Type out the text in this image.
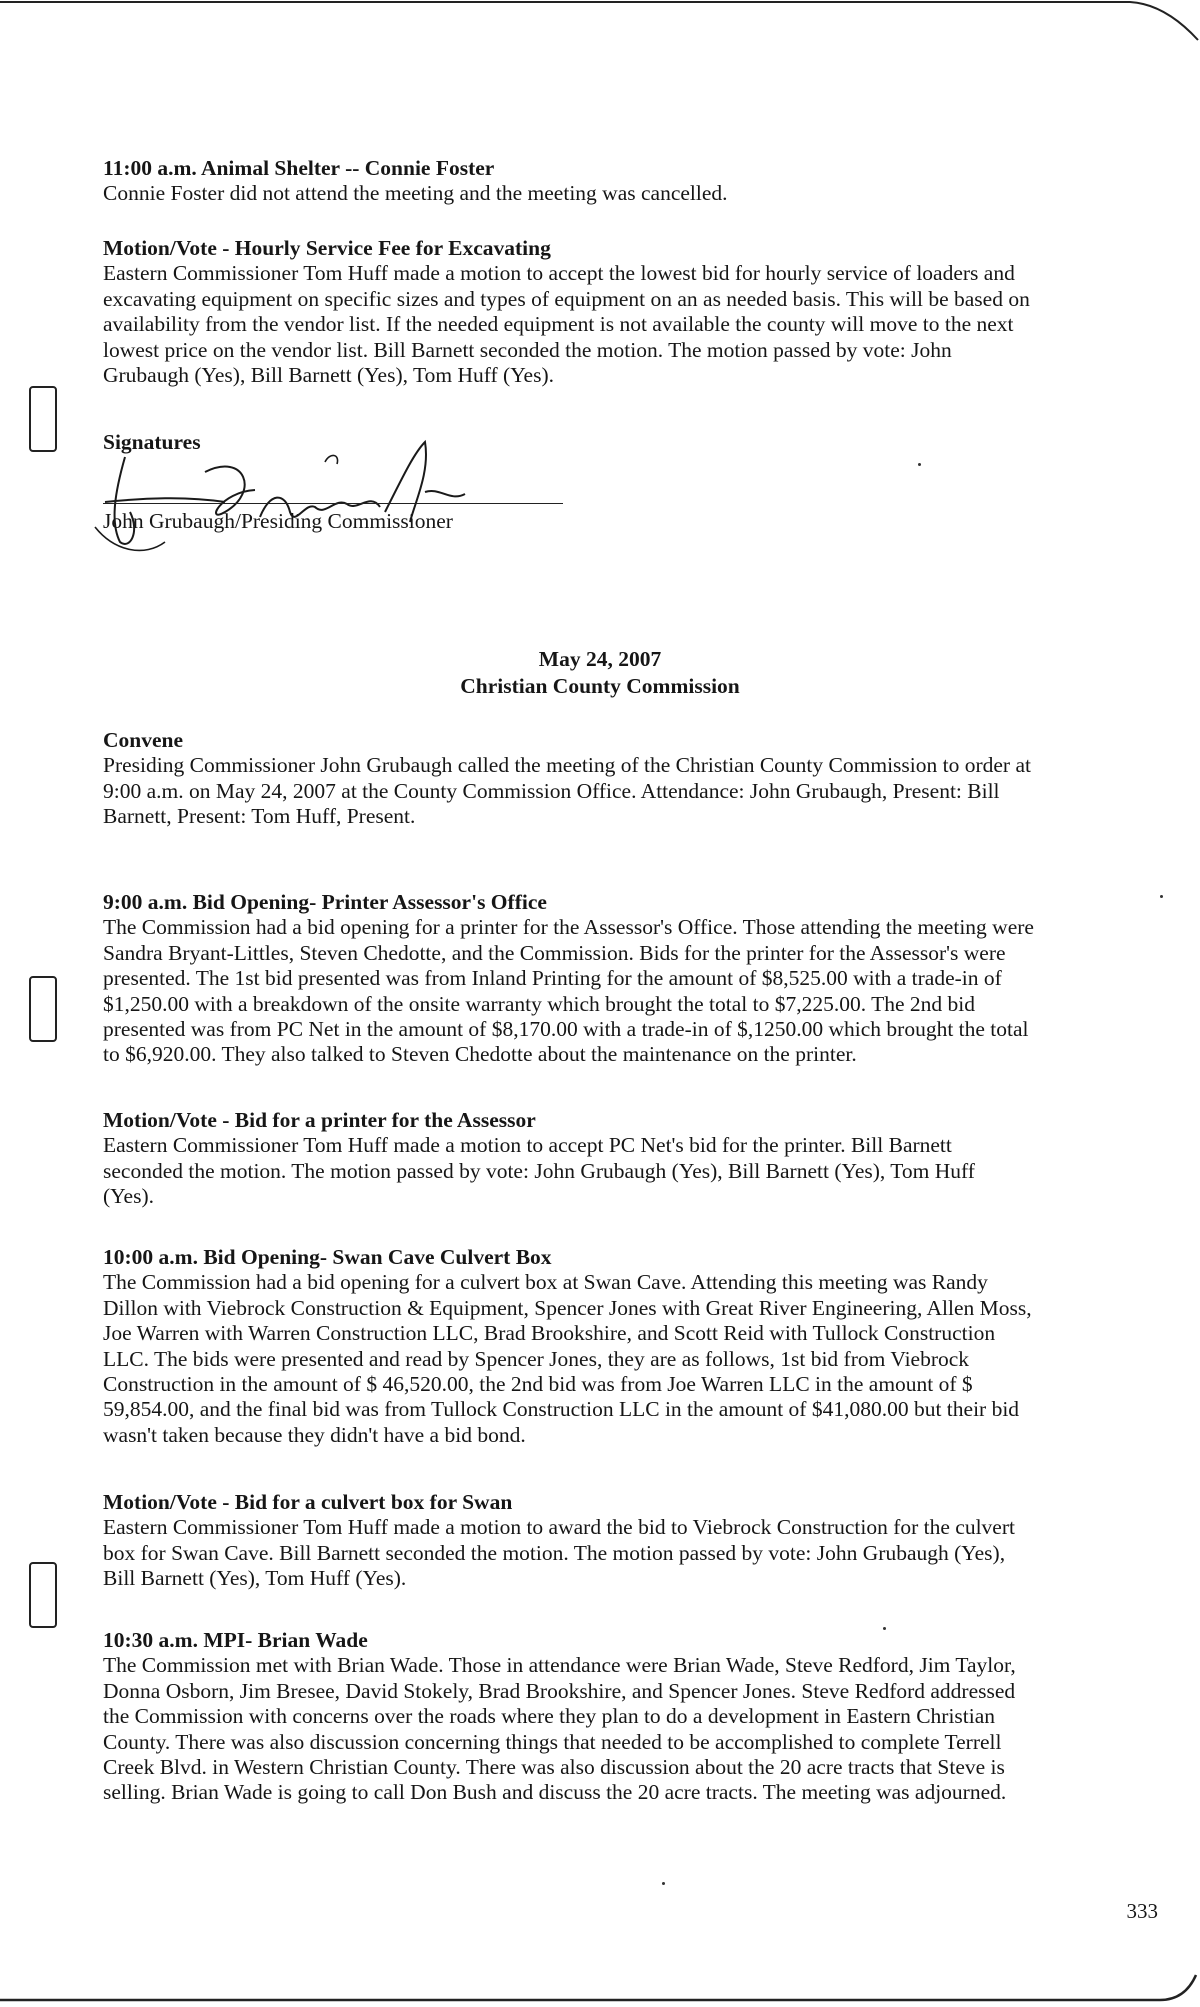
11:00 a.m. Animal Shelter -- Connie Foster

Connie Foster did not attend the meeting and the meeting was cancelled.

Motion/Vote - Hourly Service Fee for Excavating

Eastern Commissioner Tom Huff made a motion to accept the lowest bid for hourly service of loaders and

excavating equipment on specific sizes and types of equipment on an as needed basis. This will be based on

availability from the vendor list. If the needed equipment is not available the county will move to the next

lowest price on the vendor list. Bill Barnett seconded the motion. The motion passed by vote: John

Grubaugh (Yes), Bill Barnett (Yes), Tom Huff (Yes).

Signatures

John Grubaugh/Presiding Commissioner
May 24, 2007
Christian County Commission

Convene

Presiding Commissioner John Grubaugh called the meeting of the Christian County Commission to order at

9:00 a.m. on May 24, 2007 at the County Commission Office. Attendance: John Grubaugh, Present: Bill

Barnett, Present: Tom Huff, Present.

9:00 a.m. Bid Opening- Printer Assessor's Office

The Commission had a bid opening for a printer for the Assessor's Office. Those attending the meeting were

Sandra Bryant-Littles, Steven Chedotte, and the Commission. Bids for the printer for the Assessor's were

presented. The 1st bid presented was from Inland Printing for the amount of $8,525.00 with a trade-in of

$1,250.00 with a breakdown of the onsite warranty which brought the total to $7,225.00. The 2nd bid

presented was from PC Net in the amount of $8,170.00 with a trade-in of $,1250.00 which brought the total

to $6,920.00. They also talked to Steven Chedotte about the maintenance on the printer.

Motion/Vote - Bid for a printer for the Assessor

Eastern Commissioner Tom Huff made a motion to accept PC Net's bid for the printer. Bill Barnett

seconded the motion. The motion passed by vote: John Grubaugh (Yes), Bill Barnett (Yes), Tom Huff

(Yes).

10:00 a.m. Bid Opening- Swan Cave Culvert Box

The Commission had a bid opening for a culvert box at Swan Cave. Attending this meeting was Randy

Dillon with Viebrock Construction & Equipment, Spencer Jones with Great River Engineering, Allen Moss,

Joe Warren with Warren Construction LLC, Brad Brookshire, and Scott Reid with Tullock Construction

LLC. The bids were presented and read by Spencer Jones, they are as follows, 1st bid from Viebrock

Construction in the amount of $ 46,520.00, the 2nd bid was from Joe Warren LLC in the amount of $

59,854.00, and the final bid was from Tullock Construction LLC in the amount of $41,080.00 but their bid

wasn't taken because they didn't have a bid bond.

Motion/Vote - Bid for a culvert box for Swan

Eastern Commissioner Tom Huff made a motion to award the bid to Viebrock Construction for the culvert

box for Swan Cave. Bill Barnett seconded the motion. The motion passed by vote: John Grubaugh (Yes),

Bill Barnett (Yes), Tom Huff (Yes).

10:30 a.m. MPI- Brian Wade

The Commission met with Brian Wade. Those in attendance were Brian Wade, Steve Redford, Jim Taylor,

Donna Osborn, Jim Bresee, David Stokely, Brad Brookshire, and Spencer Jones. Steve Redford addressed

the Commission with concerns over the roads where they plan to do a development in Eastern Christian

County. There was also discussion concerning things that needed to be accomplished to complete Terrell

Creek Blvd. in Western Christian County. There was also discussion about the 20 acre tracts that Steve is

selling. Brian Wade is going to call Don Bush and discuss the 20 acre tracts. The meeting was adjourned.

333
